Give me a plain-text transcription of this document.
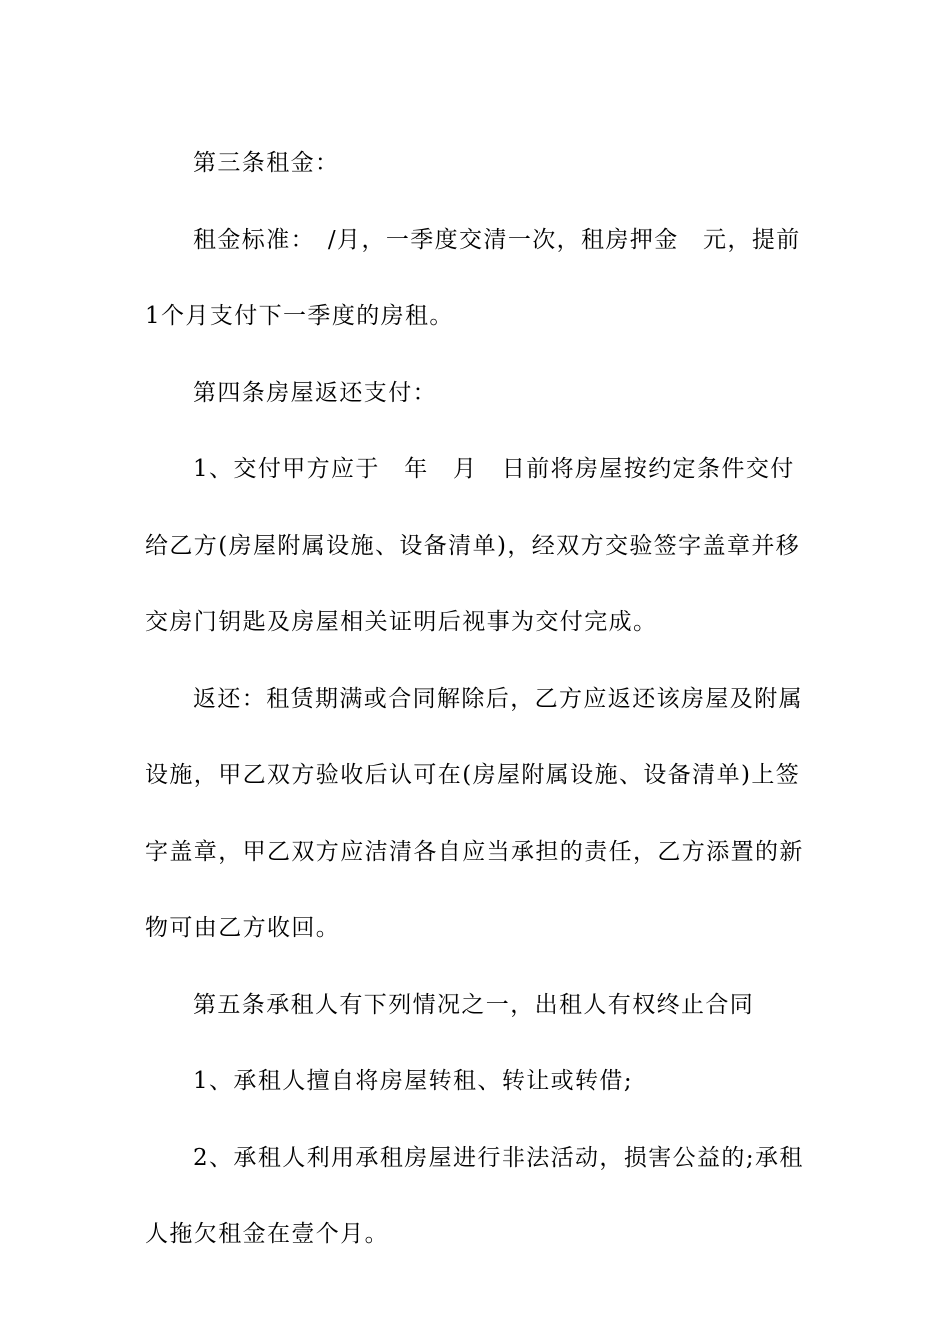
第三条租金：

租金标准：　/月，一季度交清一次，租房押金　元，提前1个月支付下一季度的房租。

第四条房屋返还支付：

1、交付甲方应于　年　月　日前将房屋按约定条件交付给乙方(房屋附属设施、设备清单)，经双方交验签字盖章并移交房门钥匙及房屋相关证明后视事为交付完成。

返还：租赁期满或合同解除后，乙方应返还该房屋及附属设施，甲乙双方验收后认可在(房屋附属设施、设备清单)上签字盖章，甲乙双方应洁清各自应当承担的责任，乙方添置的新物可由乙方收回。

第五条承租人有下列情况之一，出租人有权终止合同

1、承租人擅自将房屋转租、转让或转借;

2、承租人利用承租房屋进行非法活动，损害公益的;承租人拖欠租金在壹个月。
